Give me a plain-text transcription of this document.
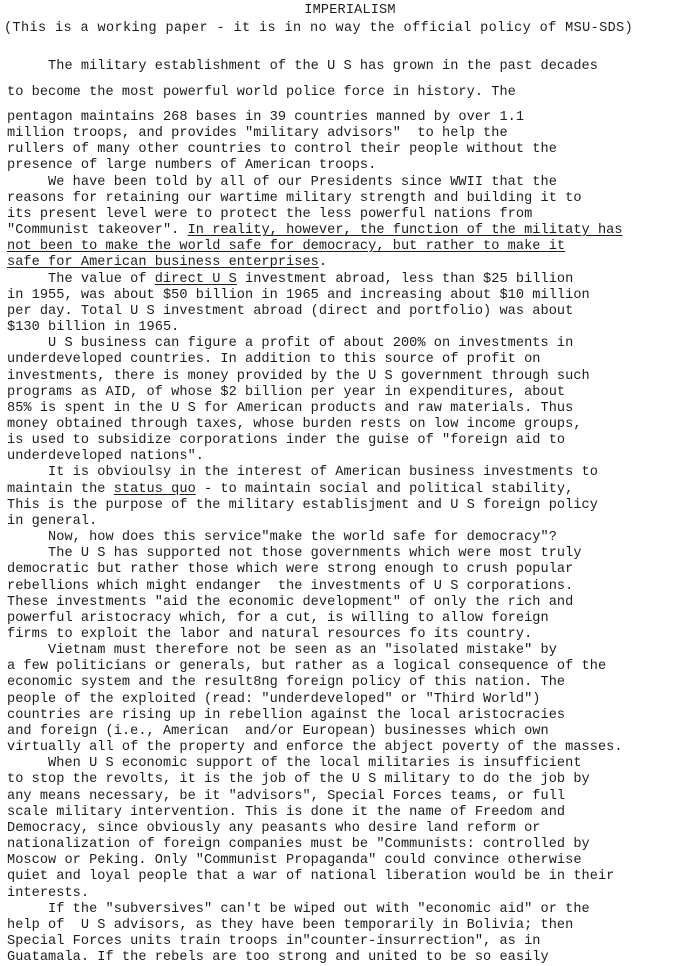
IMPERIALISM
(This is a working paper - it is in no way the official policy of MSU-SDS)
The military establishment of the U S has grown in the past decades
to become the most powerful world police force in history. The
pentagon maintains 268 bases in 39 countries manned by over 1.1
million troops, and provides "military advisors"  to help the
rullers of many other countries to control their people without the
presence of large numbers of American troops.
We have been told by all of our Presidents since WWII that the
reasons for retaining our wartime military strength and building it to
its present level were to protect the less powerful nations from
"Communist takeover". In reality, however, the function of the militaty has
not been to make the world safe for democracy, but rather to make it
safe for American business enterprises.
The value of direct U S investment abroad, less than $25 billion
in 1955, was about $50 billion in 1965 and increasing about $10 million
per day. Total U S investment abroad (direct and portfolio) was about
$130 billion in 1965.
U S business can figure a profit of about 200% on investments in
underdeveloped countries. In addition to this source of profit on
investments, there is money provided by the U S government through such
programs as AID, of whose $2 billion per year in expenditures, about
85% is spent in the U S for American products and raw materials. Thus
money obtained through taxes, whose burden rests on low income groups,
is used to subsidize corporations inder the guise of "foreign aid to
underdeveloped nations".
It is obvioulsy in the interest of American business investments to
maintain the status quo - to maintain social and political stability,
This is the purpose of the military establisjment and U S foreign policy
in general.
Now, how does this service"make the world safe for democracy"?
The U S has supported not those governments which were most truly
democratic but rather those which were strong enough to crush popular
rebellions which might endanger  the investments of U S corporations.
These investments "aid the economic development" of only the rich and
powerful aristocracy which, for a cut, is willing to allow foreign
firms to exploit the labor and natural resources fo its country.
Vietnam must therefore not be seen as an "isolated mistake" by
a few politicians or generals, but rather as a logical consequence of the
economic system and the result8ng foreign policy of this nation. The
people of the exploited (read: "underdeveloped" or "Third World")
countries are rising up in rebellion against the local aristocracies
and foreign (i.e., American  and/or European) businesses which own
virtually all of the property and enforce the abject poverty of the masses.
When U S economic support of the local militaries is insufficient
to stop the revolts, it is the job of the U S military to do the job by
any means necessary, be it "advisors", Special Forces teams, or full
scale military intervention. This is done it the name of Freedom and
Democracy, since obviously any peasants who desire land reform or
nationalization of foreign companies must be "Communists: controlled by
Moscow or Peking. Only "Communist Propaganda" could convince otherwise
quiet and loyal people that a war of national liberation would be in their
interests.
If the "subversives" can't be wiped out with "economic aid" or the
help of  U S advisors, as they have been temporarily in Bolivia; then
Special Forces units train troops in"counter-insurrection", as in
Guatamala. If the rebels are too strong and united to be so easily
